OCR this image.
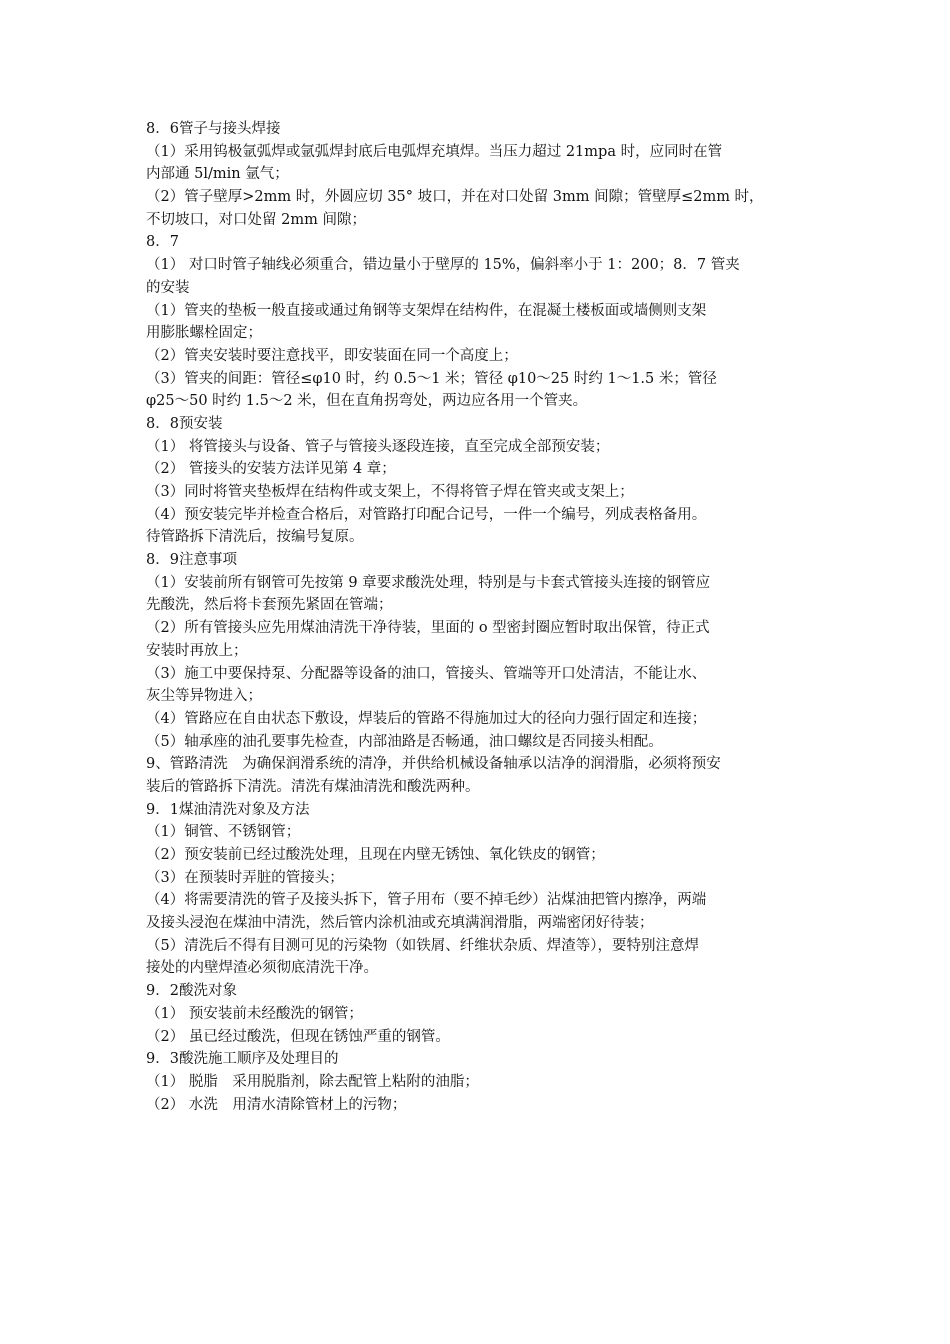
8．6管子与接头焊接
（1）采用钨极氩弧焊或氩弧焊封底后电弧焊充填焊。当压力超过 21mpa 时，应同时在管
内部通 5l/min 氩气；
（2）管子壁厚>2mm 时，外圆应切 35° 坡口，并在对口处留 3mm 间隙；管壁厚≤2mm 时，
不切坡口，对口处留 2mm 间隙；
8．7
（1） 对口时管子轴线必须重合，错边量小于壁厚的 15%，偏斜率小于 1：200；8．7 管夹
的安装
（1）管夹的垫板一般直接或通过角钢等支架焊在结构件，在混凝土楼板面或墙侧则支架
用膨胀螺栓固定；
（2）管夹安装时要注意找平，即安装面在同一个高度上；
（3）管夹的间距：管径≤φ10 时，约 0.5～1 米；管径 φ10～25 时约 1～1.5 米；管径
φ25～50 时约 1.5～2 米，但在直角拐弯处，两边应各用一个管夹。
8．8预安装
（1） 将管接头与设备、管子与管接头逐段连接，直至完成全部预安装；
（2） 管接头的安装方法详见第 4 章；
（3）同时将管夹垫板焊在结构件或支架上，不得将管子焊在管夹或支架上；
（4）预安装完毕并检查合格后，对管路打印配合记号，一件一个编号，列成表格备用。
待管路拆下清洗后，按编号复原。
8．9注意事项
（1）安装前所有钢管可先按第 9 章要求酸洗处理，特别是与卡套式管接头连接的钢管应
先酸洗，然后将卡套预先紧固在管端；
（2）所有管接头应先用煤油清洗干净待装，里面的 o 型密封圈应暂时取出保管，待正式
安装时再放上；
（3）施工中要保持泵、分配器等设备的油口，管接头、管端等开口处清洁，不能让水、
灰尘等异物进入；
（4）管路应在自由状态下敷设，焊装后的管路不得施加过大的径向力强行固定和连接；
（5）轴承座的油孔要事先检查，内部油路是否畅通，油口螺纹是否同接头相配。
9、管路清洗　为确保润滑系统的清净，并供给机械设备轴承以洁净的润滑脂，必须将预安
装后的管路拆下清洗。清洗有煤油清洗和酸洗两种。
9．1煤油清洗对象及方法
（1）铜管、不锈钢管；
（2）预安装前已经过酸洗处理，且现在内壁无锈蚀、氧化铁皮的钢管；
（3）在预装时弄脏的管接头；
（4）将需要清洗的管子及接头拆下，管子用布（要不掉毛纱）沾煤油把管内擦净，两端
及接头浸泡在煤油中清洗，然后管内涂机油或充填满润滑脂，两端密闭好待装；
（5）清洗后不得有目测可见的污染物（如铁屑、纤维状杂质、焊渣等），要特别注意焊
接处的内壁焊渣必须彻底清洗干净。
9．2酸洗对象
（1） 预安装前未经酸洗的钢管；
（2） 虽已经过酸洗，但现在锈蚀严重的钢管。
9．3酸洗施工顺序及处理目的
（1） 脱脂　采用脱脂剂，除去配管上粘附的油脂；
（2） 水洗　用清水清除管材上的污物；
